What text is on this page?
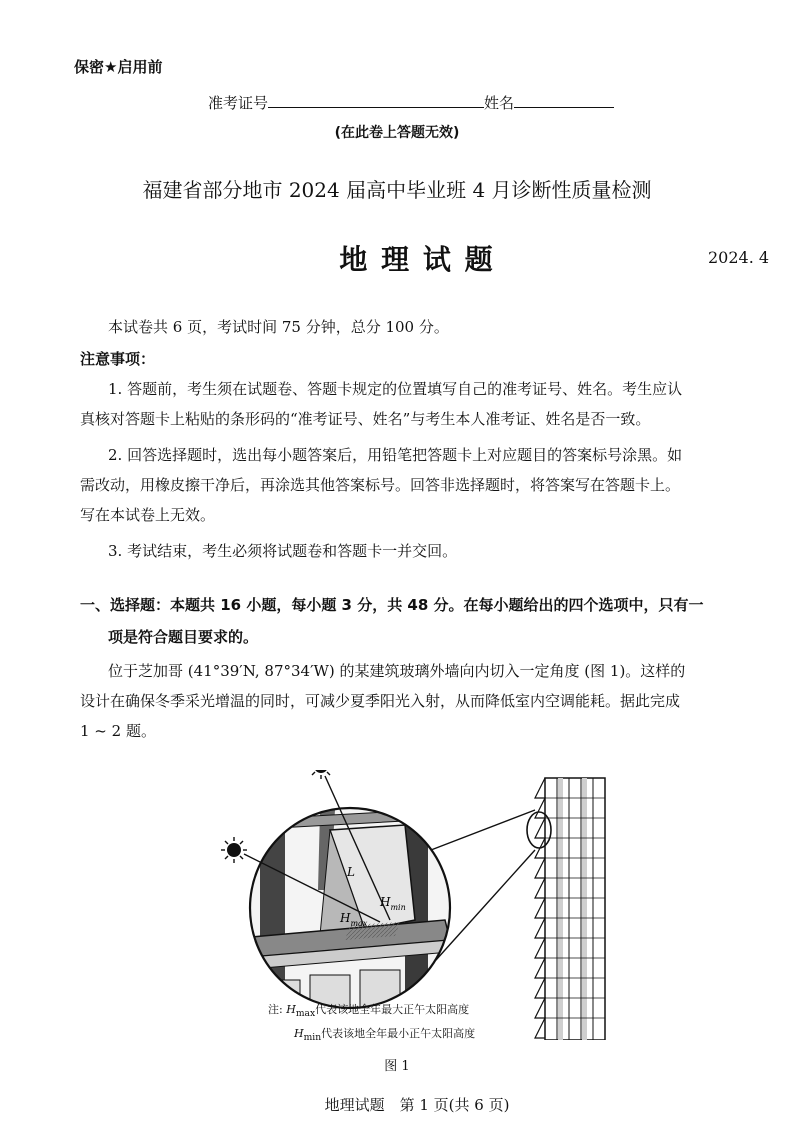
保密★启用前
准考证号	姓名
(在此卷上答题无效)
福建省部分地市 2024 届高中毕业班 4 月诊断性质量检测
地 理 试 题	2024. 4
本试卷共 6 页，考试时间 75 分钟，总分 100 分。
注意事项：
1. 答题前，考生须在试题卷、答题卡规定的位置填写自己的准考证号、姓名。考生应认
真核对答题卡上粘贴的条形码的“准考证号、姓名”与考生本人准考证、姓名是否一致。
2. 回答选择题时，选出每小题答案后，用铅笔把答题卡上对应题目的答案标号涂黑。如
需改动，用橡皮擦干净后，再涂选其他答案标号。回答非选择题时，将答案写在答题卡上。
写在本试卷上无效。
3. 考试结束，考生必须将试题卷和答题卡一并交回。
一、选择题：本题共 16 小题，每小题 3 分，共 48 分。在每小题给出的四个选项中，只有一
项是符合题目要求的。
位于芝加哥 (41°39′N, 87°34′W) 的某建筑玻璃外墙向内切入一定角度 (图 1)。这样的
设计在确保冬季采光增温的同时，可减少夏季阳光入射，从而降低室内空调能耗。据此完成
1 ~ 2 题。
L
$H_{min}$
$H_{max}$
注: $H_{max}$代表该地全年最大正午太阳高度
$H_{min}$代表该地全年最小正午太阳高度
图 1
地理试题　第 1 页(共 6 页)
